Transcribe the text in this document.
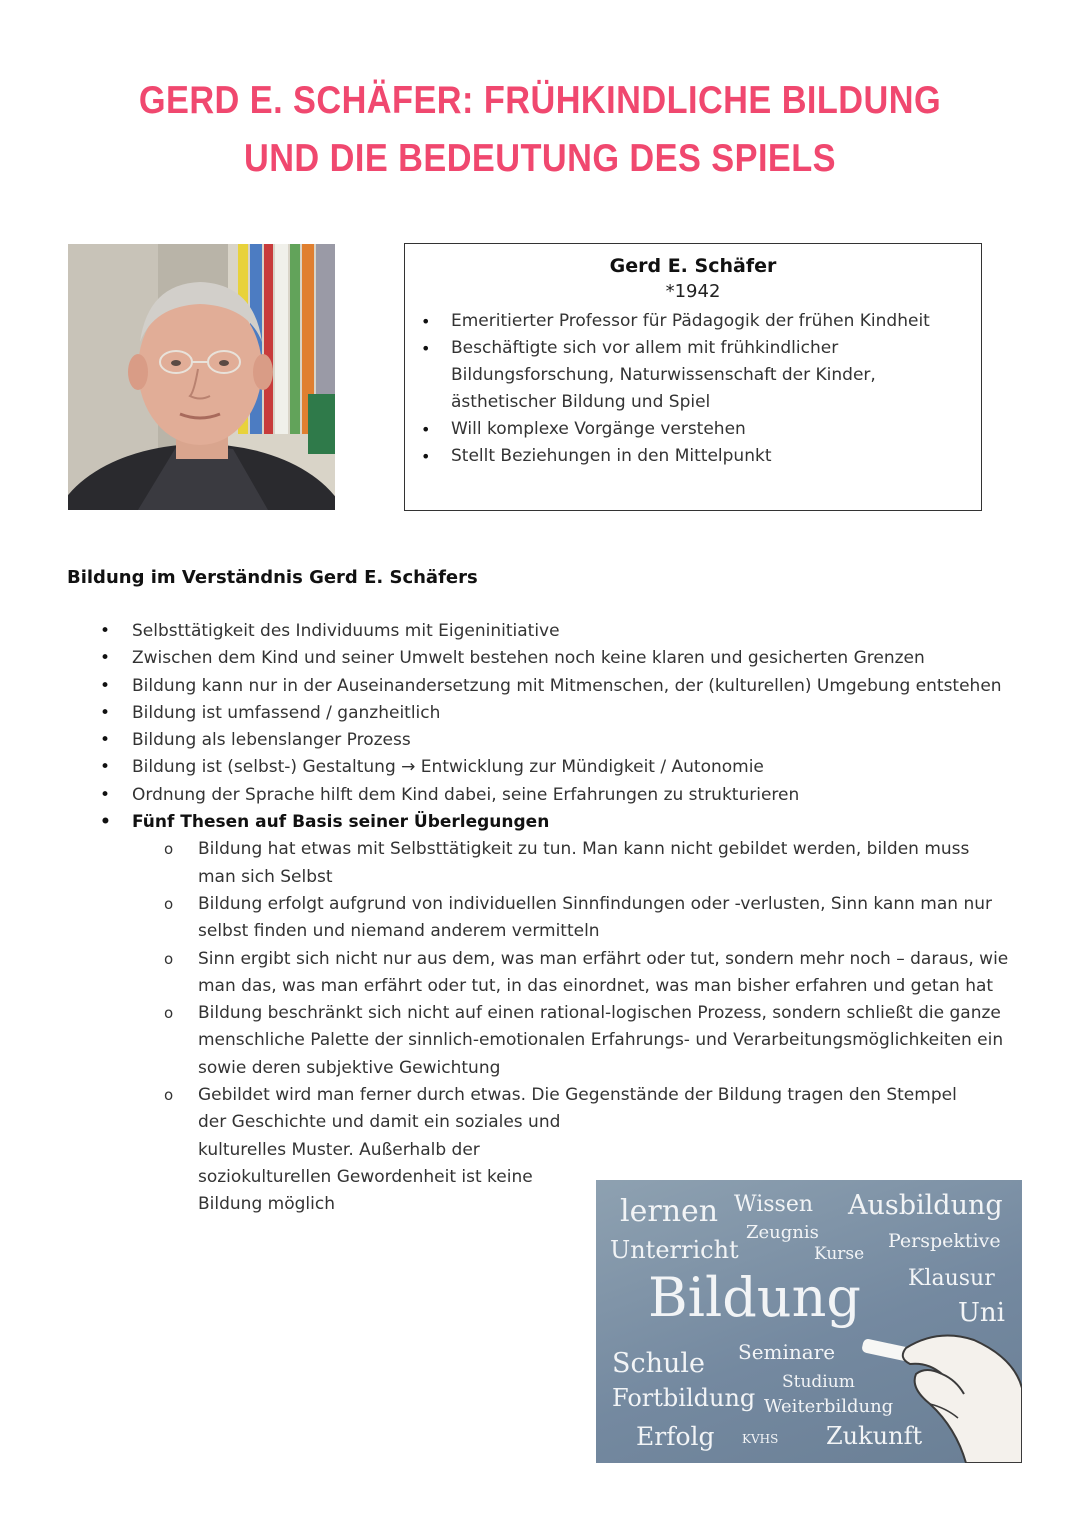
GERD E. SCHÄFER: FRÜHKINDLICHE BILDUNG UND DIE BEDEUTUNG DES SPIELS
Gerd E. Schäfer
*1942
• Emeritierter Professor für Pädagogik der frühen Kindheit
• Beschäftigte sich vor allem mit frühkindlicher Bildungsforschung, Naturwissenschaft der Kinder, ästhetischer Bildung und Spiel
• Will komplexe Vorgänge verstehen
• Stellt Beziehungen in den Mittelpunkt
Bildung im Verständnis Gerd E. Schäfers
• Selbsttätigkeit des Individuums mit Eigeninitiative
• Zwischen dem Kind und seiner Umwelt bestehen noch keine klaren und gesicherten Grenzen
• Bildung kann nur in der Auseinandersetzung mit Mitmenschen, der (kulturellen) Umgebung entstehen
• Bildung ist umfassend / ganzheitlich
• Bildung als lebenslanger Prozess
• Bildung ist (selbst-) Gestaltung → Entwicklung zur Mündigkeit / Autonomie
• Ordnung der Sprache hilft dem Kind dabei, seine Erfahrungen zu strukturieren
• Fünf Thesen auf Basis seiner Überlegungen
o Bildung hat etwas mit Selbsttätigkeit zu tun. Man kann nicht gebildet werden, bilden muss man sich Selbst
o Bildung erfolgt aufgrund von individuellen Sinnfindungen oder -verlusten, Sinn kann man nur selbst finden und niemand anderem vermitteln
o Sinn ergibt sich nicht nur aus dem, was man erfährt oder tut, sondern mehr noch – daraus, wie man das, was man erfährt oder tut, in das einordnet, was man bisher erfahren und getan hat
o Bildung beschränkt sich nicht auf einen rational-logischen Prozess, sondern schließt die ganze menschliche Palette der sinnlich-emotionalen Erfahrungs- und Verarbeitungsmöglichkeiten ein sowie deren subjektive Gewichtung
o Gebildet wird man ferner durch etwas. Die Gegenstände der Bildung tragen den Stempel
der Geschichte und damit ein soziales und kulturelles Muster. Außerhalb der soziokulturellen Gewordenheit ist keine Bildung möglich	lernen Wissen Ausbildung
Zeugnis
Unterricht	Kurse
Perspektive
Bildung Klausur
Uni
Schule Seminare
Studium
Fortbildung Weiterbildung
Erfolg KVHS Zukunft
